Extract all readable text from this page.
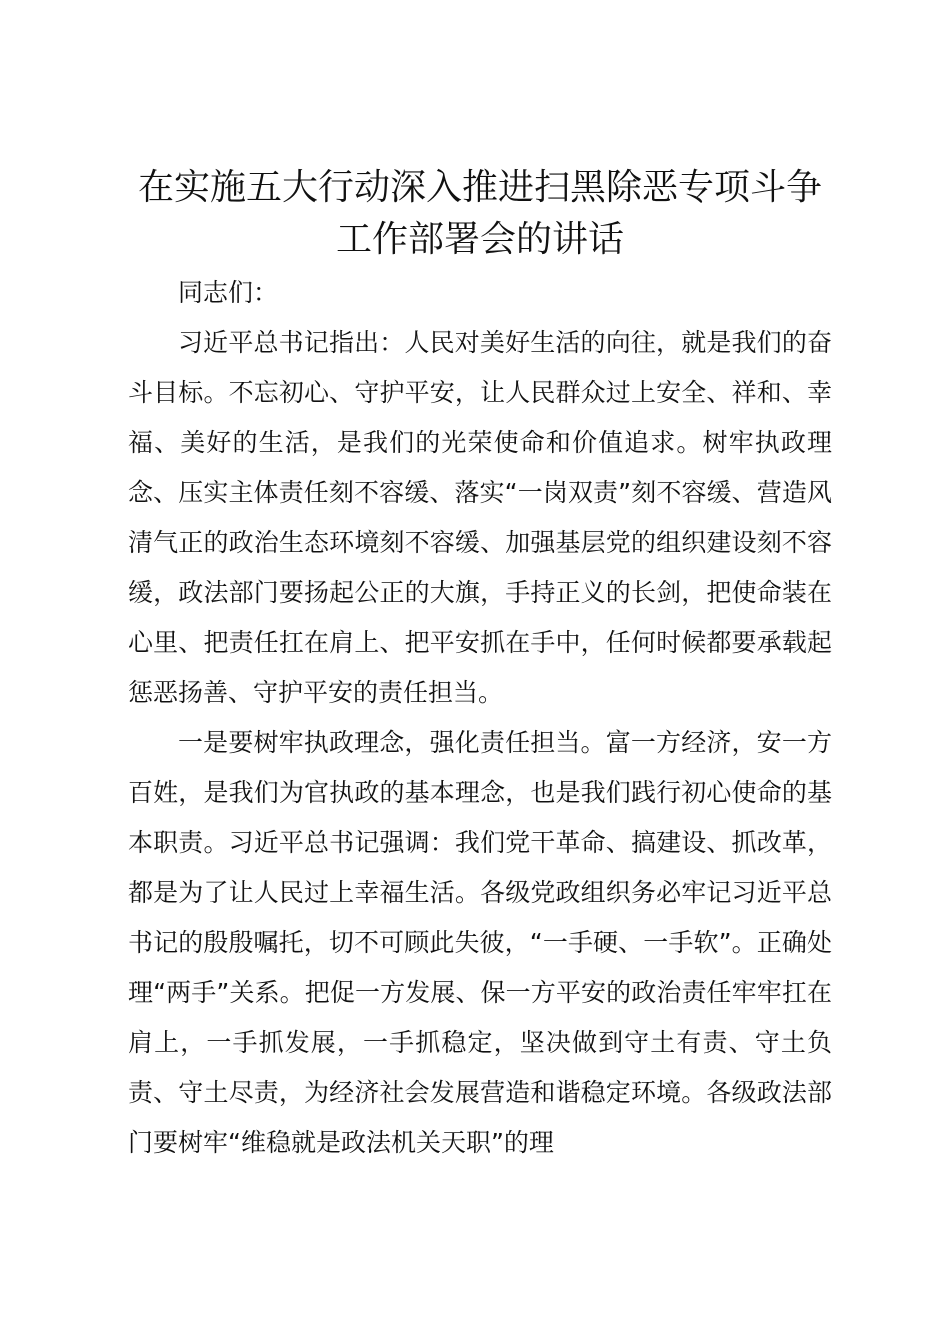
在实施五大行动深入推进扫黑除恶专项斗争工作部署会的讲话

同志们：

习近平总书记指出：人民对美好生活的向往，就是我们的奋斗目标。不忘初心、守护平安，让人民群众过上安全、祥和、幸福、美好的生活，是我们的光荣使命和价值追求。树牢执政理念、压实主体责任刻不容缓、落实“一岗双责”刻不容缓、营造风清气正的政治生态环境刻不容缓、加强基层党的组织建设刻不容缓，政法部门要扬起公正的大旗，手持正义的长剑，把使命装在心里、把责任扛在肩上、把平安抓在手中，任何时候都要承载起惩恶扬善、守护平安的责任担当。

一是要树牢执政理念，强化责任担当。富一方经济，安一方百姓，是我们为官执政的基本理念，也是我们践行初心使命的基本职责。习近平总书记强调：我们党干革命、搞建设、抓改革，都是为了让人民过上幸福生活。各级党政组织务必牢记习近平总书记的殷殷嘱托，切不可顾此失彼，“一手硬、一手软”。正确处理“两手”关系。把促一方发展、保一方平安的政治责任牢牢扛在肩上，一手抓发展，一手抓稳定，坚决做到守土有责、守土负责、守土尽责，为经济社会发展营造和谐稳定环境。各级政法部门要树牢“维稳就是政法机关天职”的理
